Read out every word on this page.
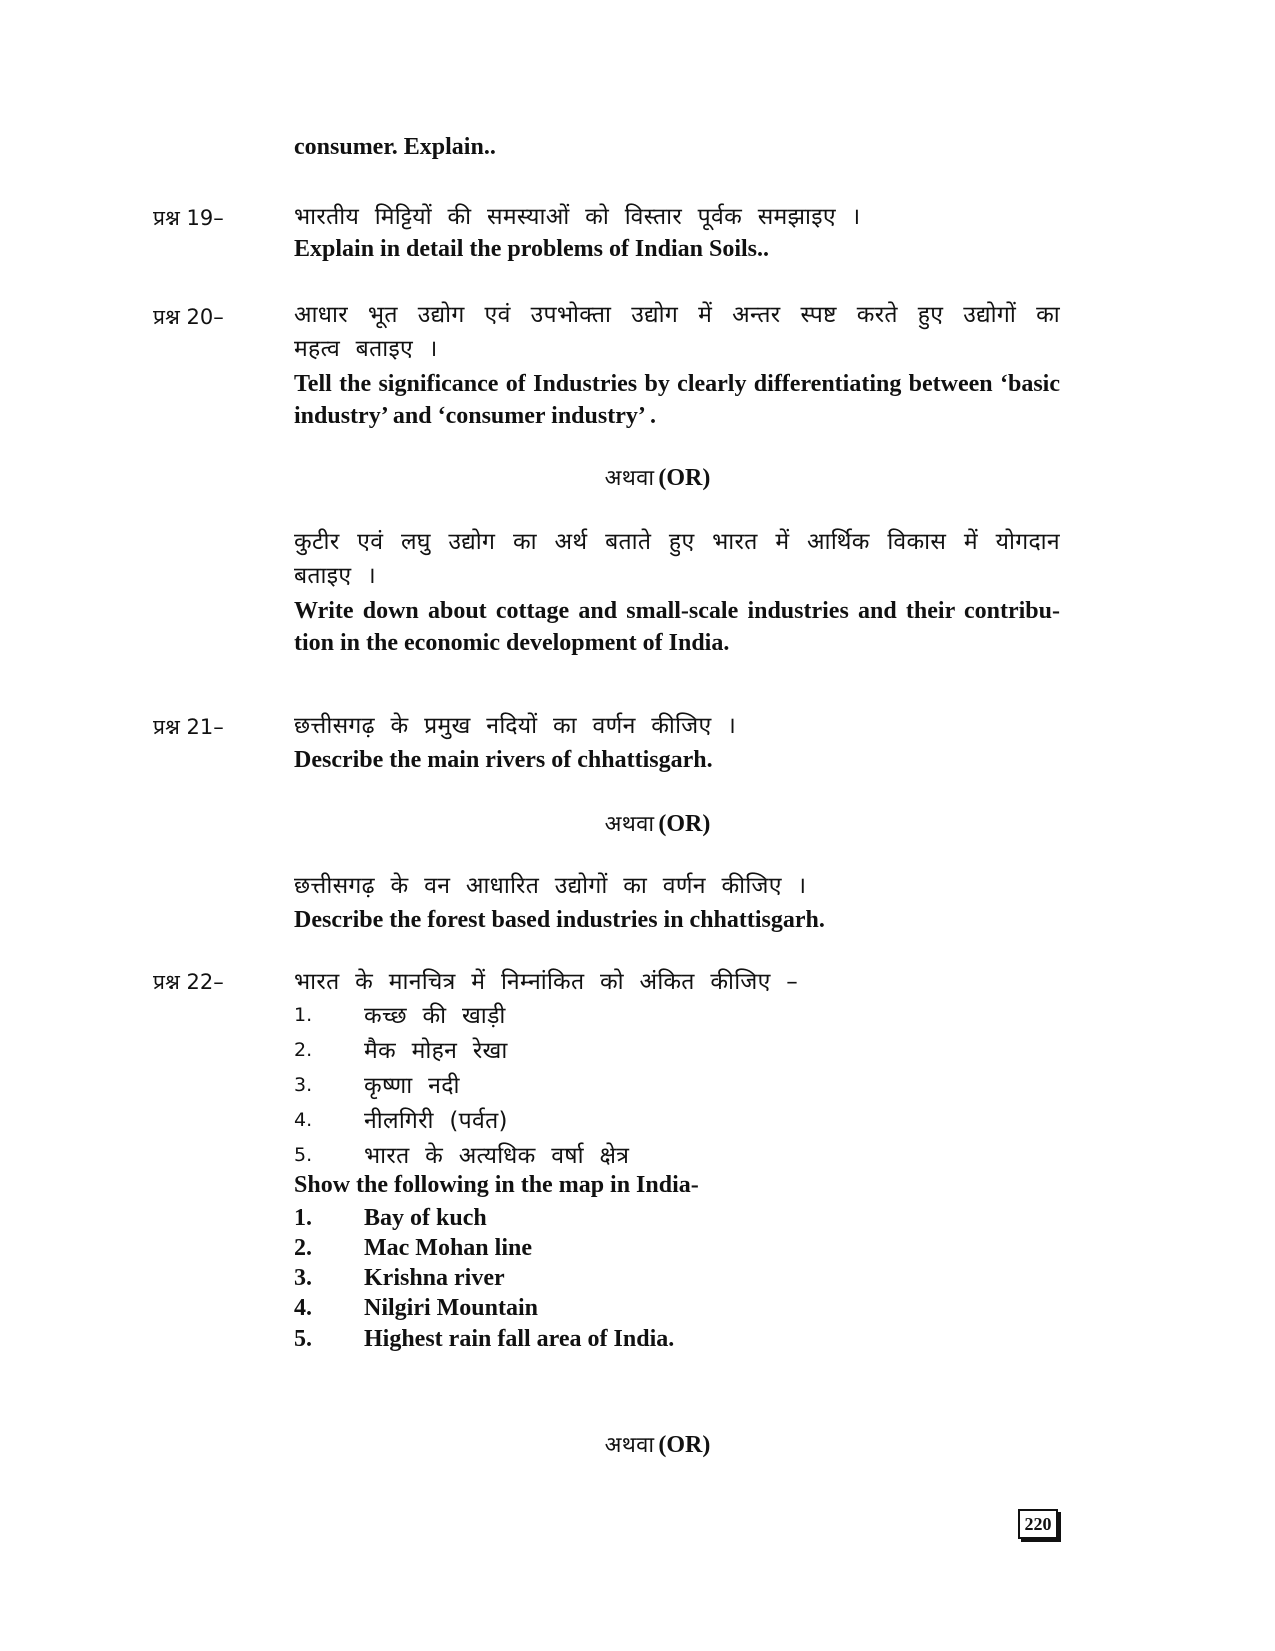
consumer. Explain..
प्रश्न 19–	भारतीय मिट्टियों की समस्याओं को विस्तार पूर्वक समझाइए ।
Explain in detail the problems of Indian Soils..
प्रश्न 20–	आधार भूत उद्योग एवं उपभोक्ता उद्योग में अन्तर स्पष्ट करते हुए उद्योगों का महत्व बताइए ।
Tell the significance of Industries by clearly differentiating between ‘basic industry’ and ‘consumer industry’ .
अथवा (OR)
कुटीर एवं लघु उद्योग का अर्थ बताते हुए भारत में आर्थिक विकास में योगदान बताइए ।
Write down about cottage and small-scale industries and their contribu-tion in the economic development of India.
प्रश्न 21–	छत्तीसगढ़ के प्रमुख नदियों का वर्णन कीजिए ।
Describe the main rivers of chhattisgarh.
अथवा (OR)
छत्तीसगढ़ के वन आधारित उद्योगों का वर्णन कीजिए ।
Describe the forest based industries in chhattisgarh.
प्रश्न 22–	भारत के मानचित्र में निम्नांकित को अंकित कीजिए –
1. कच्छ की खाड़ी
2. मैक मोहन रेखा
3. कृष्णा नदी
4. नीलगिरी (पर्वत)
5. भारत के अत्यधिक वर्षा क्षेत्र
Show the following in the map in India-
1. Bay of kuch
2. Mac Mohan line
3. Krishna river
4. Nilgiri Mountain
5. Highest rain fall area of India.
अथवा (OR)
220
